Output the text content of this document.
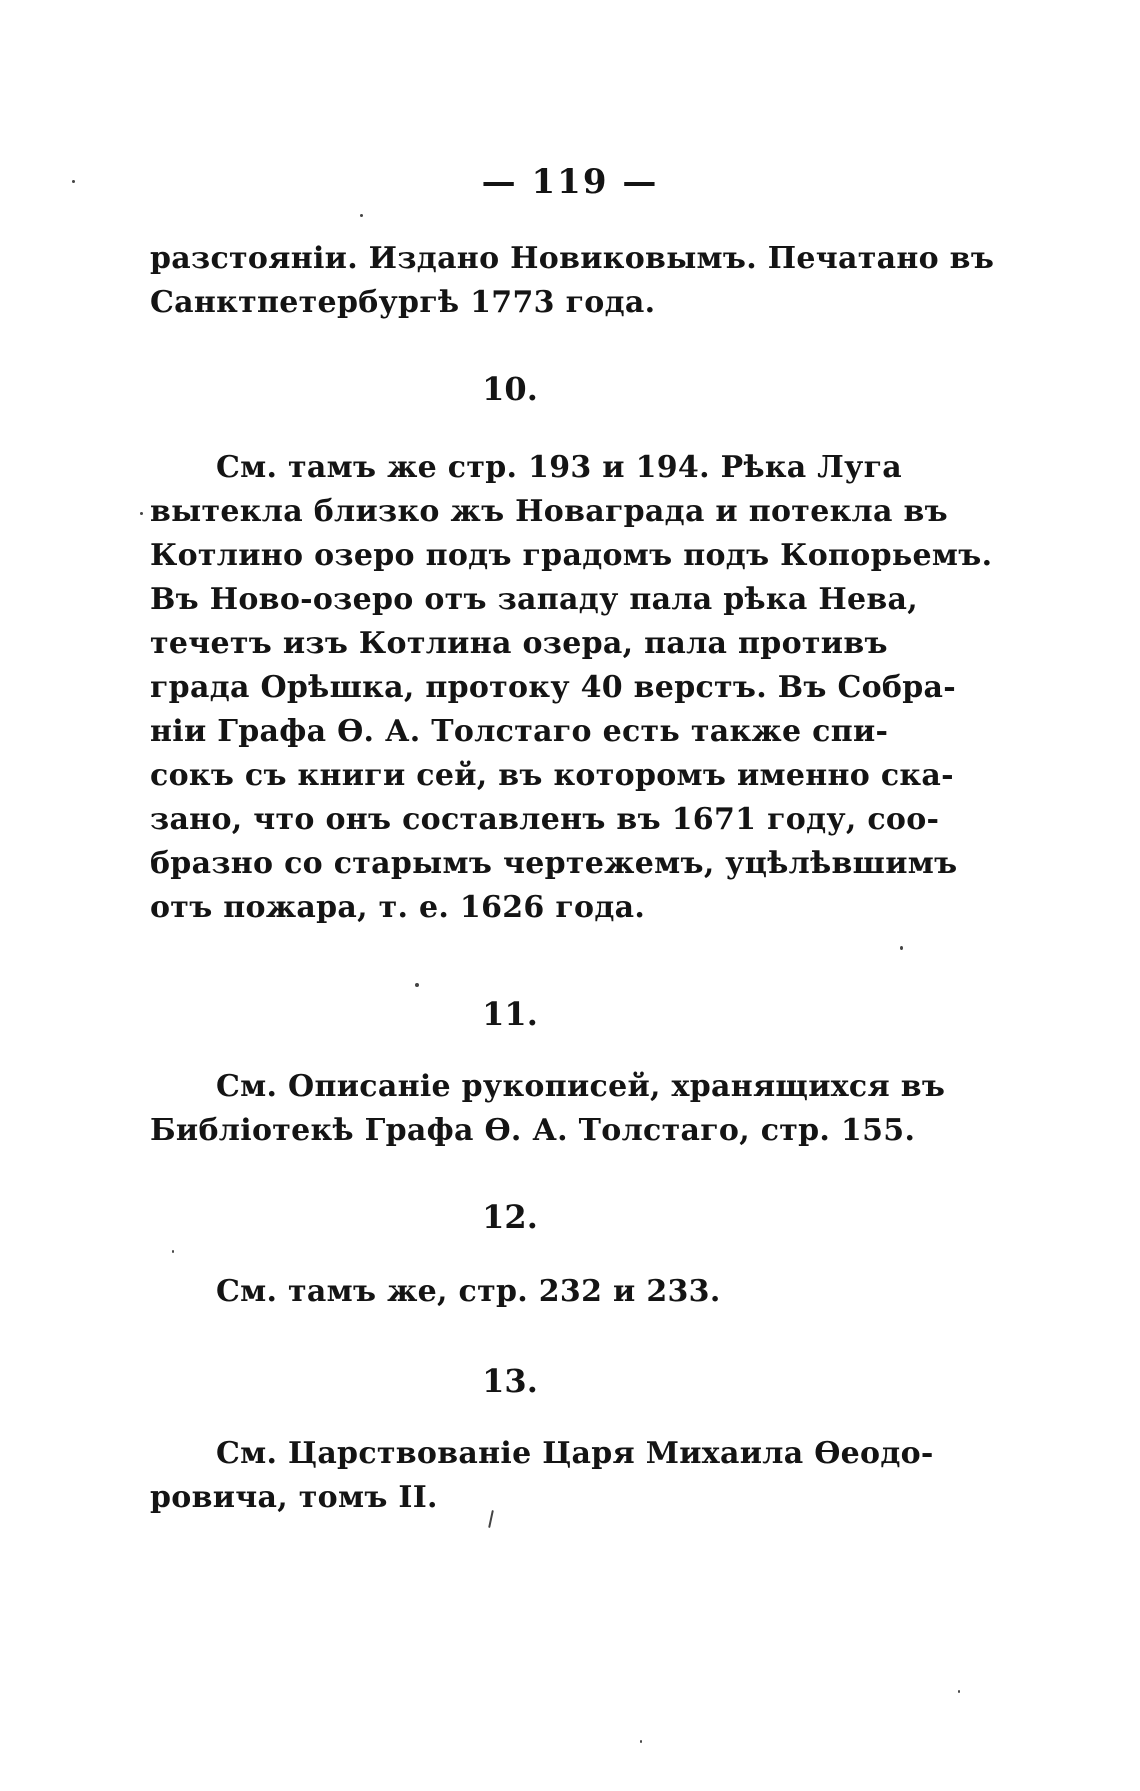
— 119 —
разстояніи. Издано Новиковымъ. Печатано въ
Санктпетербургѣ 1773 года.
10.
См. тамъ же стр. 193 и 194. Рѣка Луга
вытекла близко жъ Новаграда и потекла въ
Котлино озеро подъ градомъ подъ Копорьемъ.
Въ Ново-озеро отъ западу пала рѣка Нева,
течетъ изъ Котлина озера, пала противъ
града Орѣшка, протоку 40 верстъ. Въ Собра-
ніи Графа Ѳ. А. Толстаго есть также спи-
сокъ съ книги сей, въ которомъ именно ска-
зано, что онъ составленъ въ 1671 году, соо-
бразно со старымъ чертежемъ, уцѣлѣвшимъ
отъ пожара, т. е. 1626 года.
11.
См. Описаніе рукописей, хранящихся въ
Библіотекѣ Графа Ѳ. А. Толстаго, стр. 155.
12.
См. тамъ же, стр. 232 и 233.
13.
См. Царствованіе Царя Михаила Ѳеодо-
ровича, томъ II.
